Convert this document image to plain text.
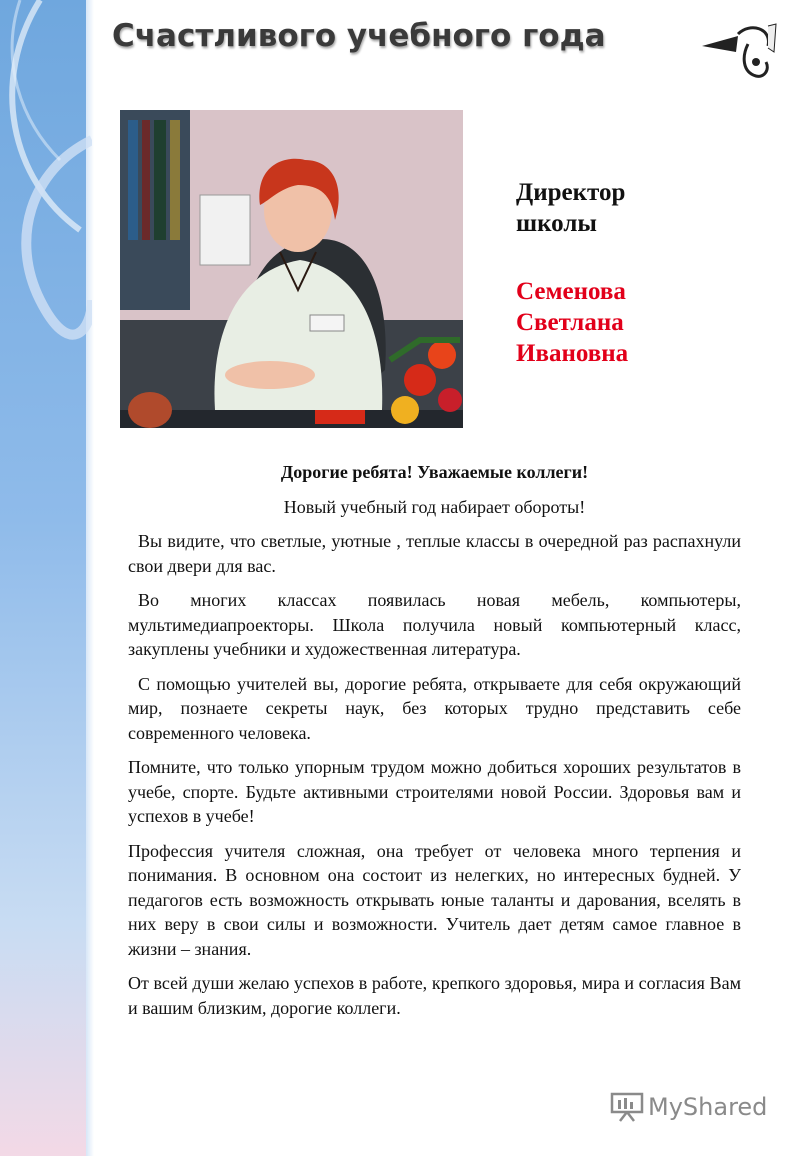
Счастливого учебного года
Директор
школы
Семенова
Светлана
Ивановна

Дорогие ребята! Уважаемые коллеги!

Новый учебный год набирает обороты!

Вы видите, что светлые, уютные , теплые классы в очередной раз распахнули свои двери для вас.

Во многих классах появилась новая мебель, компьютеры, мультимедиапроекторы. Школа получила новый компьютерный класс, закуплены учебники и художественная литература.

С помощью учителей вы, дорогие ребята, открываете для себя окружающий мир, познаете секреты наук, без которых трудно представить себе современного человека.

Помните, что только упорным трудом можно добиться хороших результатов в учебе, спорте. Будьте активными строителями новой России. Здоровья вам и успехов в учебе!

Профессия учителя сложная, она требует от человека много терпения и понимания. В основном она состоит из нелегких, но интересных будней. У педагогов есть возможность открывать юные таланты и дарования, вселять в них веру в свои силы и возможности. Учитель дает детям самое главное в жизни – знания.

От всей души желаю успехов в работе, крепкого здоровья, мира и согласия Вам и вашим близким, дорогие коллеги.

MyShared
